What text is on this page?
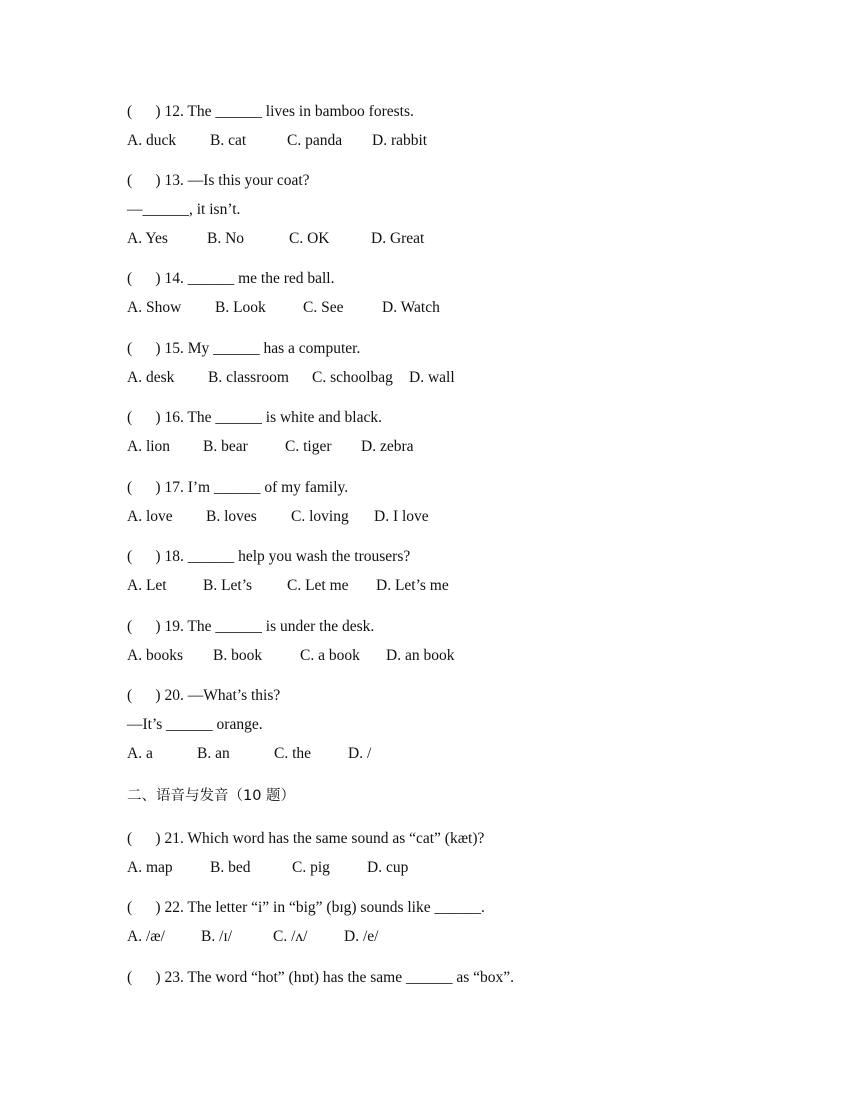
(      ) 12. The ______ lives in bamboo forests.
A. duck B. cat	C. panda D. rabbit
(      ) 13. —Is this your coat?
—______, it isn’t.
A. Yes	B. No	C. OK	D. Great
(      ) 14. ______ me the red ball.
A. Show B. Look C. See D. Watch
(      ) 15. My ______ has a computer.
A. desk B. classroom C. schoolbag D. wall
(      ) 16. The ______ is white and black.
A. lion B. bear C. tiger D. zebra
(      ) 17. I’m ______ of my family.
A. love B. loves C. loving D. I love
(      ) 18. ______ help you wash the trousers?
A. Let B. Let’s C. Let me D. Let’s me
(      ) 19. The ______ is under the desk.
A. books B. book C. a book D. an book
(      ) 20. —What’s this?
—It’s ______ orange.
A. a	B. an	C. the D. /
二、语音与发音（10 题）
(      ) 21. Which word has the same sound as “cat” (kæt)?
A. map B. bed	C. pig D. cup
(      ) 22. The letter “i” in “big” (bɪg) sounds like ______.
A. /æ/ B. /ɪ/	C. /ʌ/ D. /e/
(      ) 23. The word “hot” (hɒt) has the same ______ as “box”.
